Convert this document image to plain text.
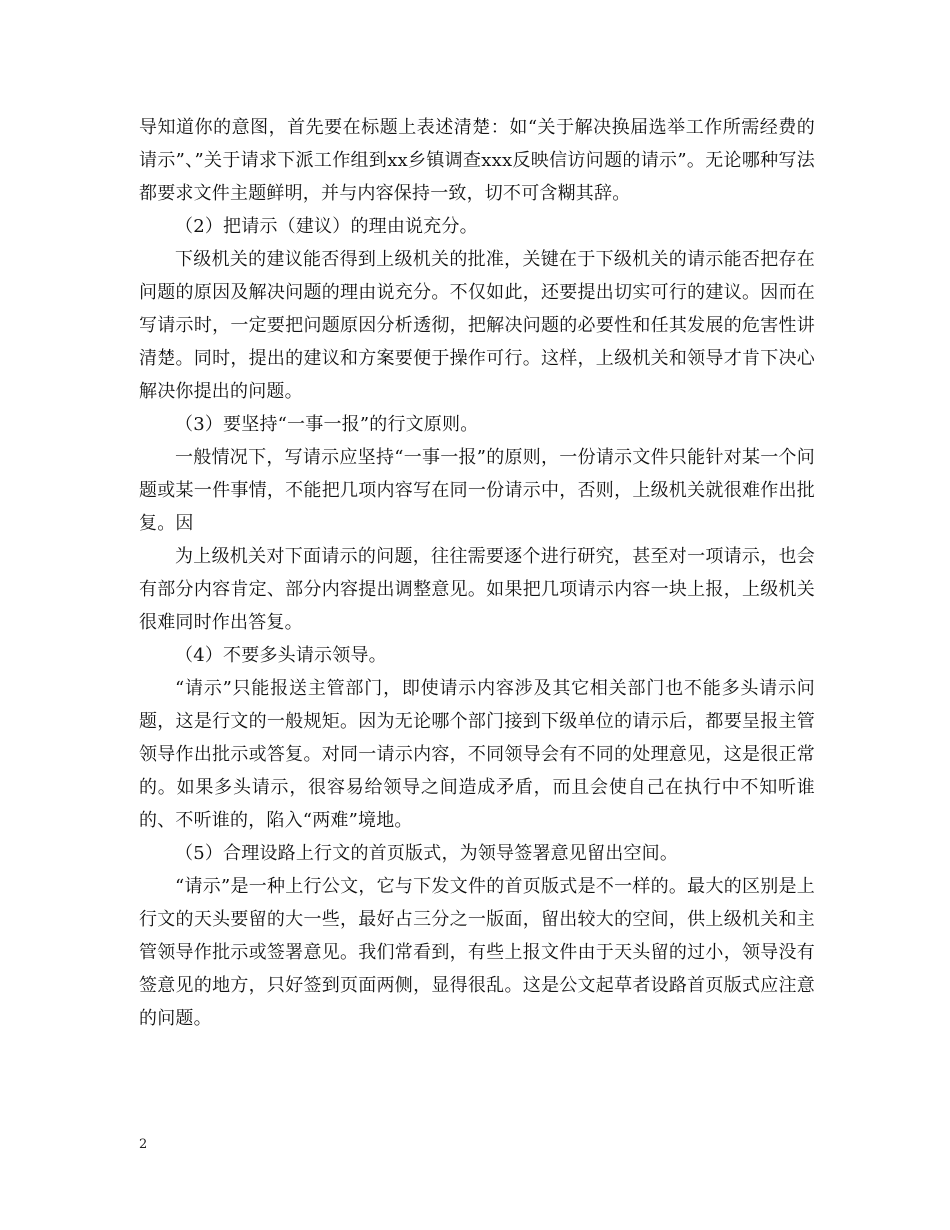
导知道你的意图，首先要在标题上表述清楚：如“关于解决换届选举工作所需经费的请示”、”关于请求下派工作组到xx乡镇调查xxx反映信访问题的请示”。无论哪种写法都要求文件主题鲜明，并与内容保持一致，切不可含糊其辞。

（2）把请示（建议）的理由说充分。

下级机关的建议能否得到上级机关的批准，关键在于下级机关的请示能否把存在问题的原因及解决问题的理由说充分。不仅如此，还要提出切实可行的建议。因而在写请示时，一定要把问题原因分析透彻，把解决问题的必要性和任其发展的危害性讲清楚。同时，提出的建议和方案要便于操作可行。这样，上级机关和领导才肯下决心解决你提出的问题。

（3）要坚持“一事一报”的行文原则。

一般情况下，写请示应坚持“一事一报”的原则，一份请示文件只能针对某一个问题或某一件事情，不能把几项内容写在同一份请示中，否则，上级机关就很难作出批复。因

为上级机关对下面请示的问题，往往需要逐个进行研究，甚至对一项请示，也会有部分内容肯定、部分内容提出调整意见。如果把几项请示内容一块上报，上级机关很难同时作出答复。

（4）不要多头请示领导。

“请示”只能报送主管部门，即使请示内容涉及其它相关部门也不能多头请示问题，这是行文的一般规矩。因为无论哪个部门接到下级单位的请示后，都要呈报主管领导作出批示或答复。对同一请示内容，不同领导会有不同的处理意见，这是很正常的。如果多头请示，很容易给领导之间造成矛盾，而且会使自己在执行中不知听谁的、不听谁的，陷入“两难”境地。

（5）合理设路上行文的首页版式，为领导签署意见留出空间。

“请示”是一种上行公文，它与下发文件的首页版式是不一样的。最大的区别是上行文的天头要留的大一些，最好占三分之一版面，留出较大的空间，供上级机关和主管领导作批示或签署意见。我们常看到，有些上报文件由于天头留的过小，领导没有签意见的地方，只好签到页面两侧，显得很乱。这是公文起草者设路首页版式应注意的问题。

2
